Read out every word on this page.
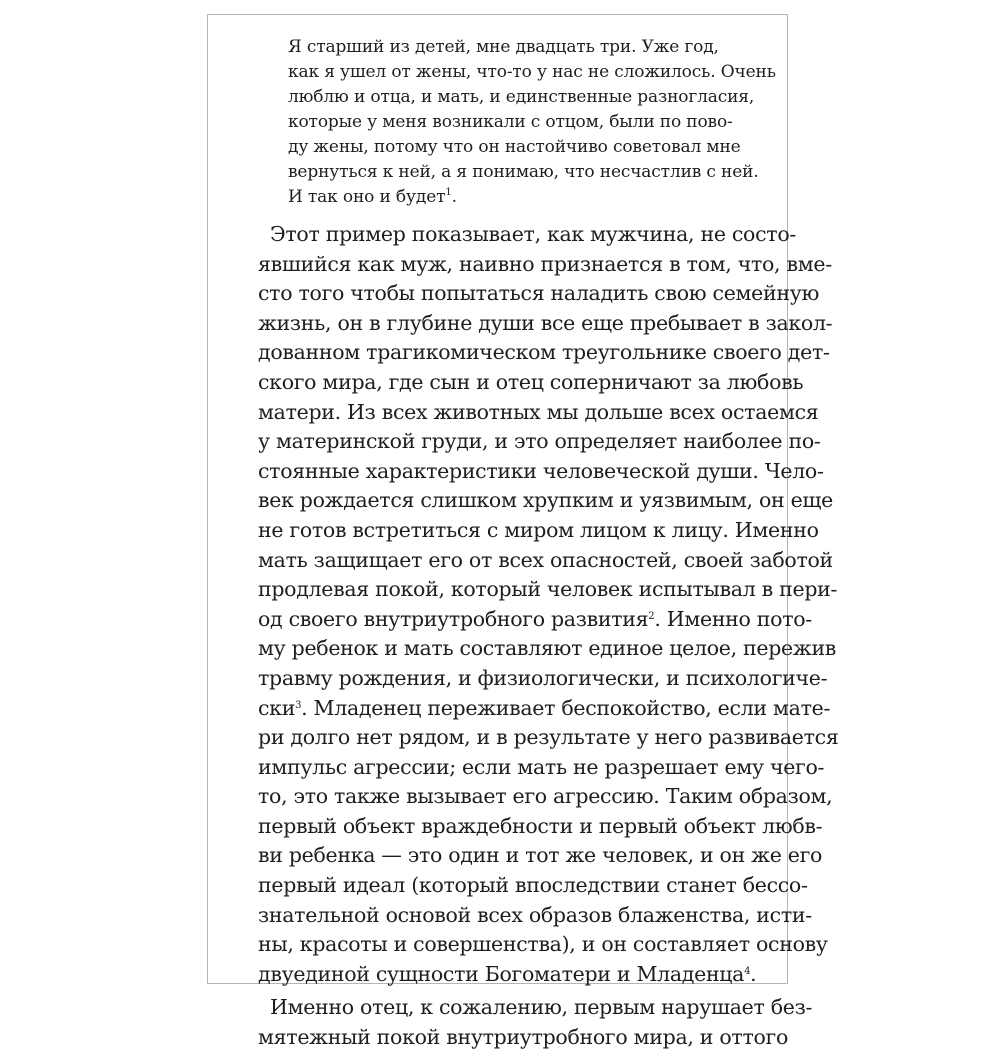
Я старший из детей, мне двадцать три. Уже год,
как я ушел от жены, что-то у нас не сложилось. Очень
люблю и отца, и мать, и единственные разногласия,
которые у меня возникали с отцом, были по пово-
ду жены, потому что он настойчиво советовал мне
вернуться к ней, а я понимаю, что несчастлив с ней.
И так оно и будет$^1$.
Этот пример показывает, как мужчина, не состо-
явшийся как муж, наивно признается в том, что, вме-
сто того чтобы попытаться наладить свою семейную
жизнь, он в глубине души все еще пребывает в закол-
дованном трагикомическом треугольнике своего дет-
ского мира, где сын и отец соперничают за любовь
матери. Из всех животных мы дольше всех остаемся
у материнской груди, и это определяет наиболее по-
стоянные характеристики человеческой души. Чело-
век рождается слишком хрупким и уязвимым, он еще
не готов встретиться с миром лицом к лицу. Именно
мать защищает его от всех опасностей, своей заботой
продлевая покой, который человек испытывал в пери-
од своего внутриутробного развития$^2$. Именно пото-
му ребенок и мать составляют единое целое, пережив
травму рождения, и физиологически, и психологиче-
ски$^3$. Младенец переживает беспокойство, если мате-
ри долго нет рядом, и в результате у него развивается
импульс агрессии; если мать не разрешает ему чего-
то, это также вызывает его агрессию. Таким образом,
первый объект враждебности и первый объект любв-
ви ребенка — это один и тот же человек, и он же его
первый идеал (который впоследствии станет бессо-
знательной основой всех образов блаженства, исти-
ны, красоты и совершенства), и он составляет основу
двуединой сущности Богоматери и Младенца$^4$.
Именно отец, к сожалению, первым нарушает без-
мятежный покой внутриутробного мира, и оттого
